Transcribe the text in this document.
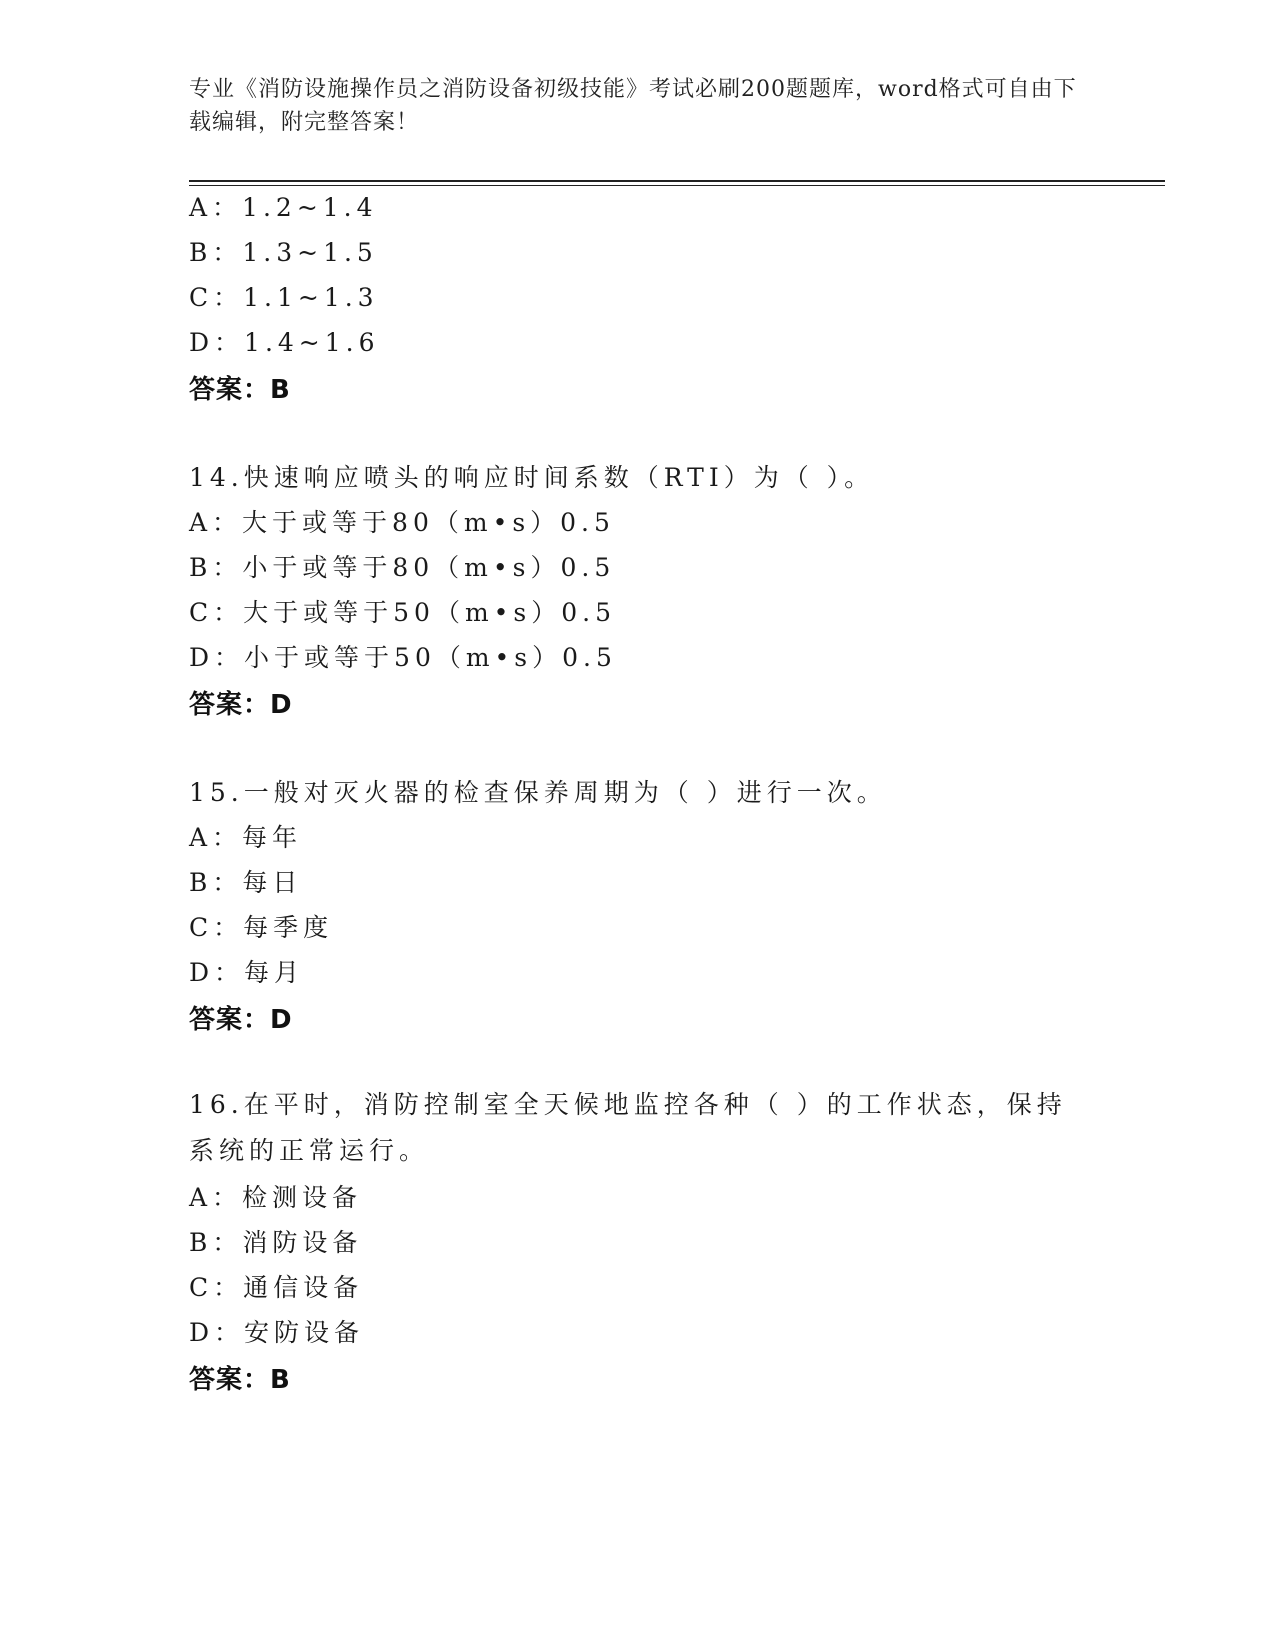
专业《消防设施操作员之消防设备初级技能》考试必刷200题题库，word格式可自由下载编辑，附完整答案！
A：1.2~1.4
B：1.3~1.5
C：1.1~1.3
D：1.4~1.6
答案：B
14.快速响应喷头的响应时间系数（RTI）为（ ）。
A：大于或等于80（m•s）0.5
B：小于或等于80（m•s）0.5
C：大于或等于50（m•s）0.5
D：小于或等于50（m•s）0.5
答案：D
15.一般对灭火器的检查保养周期为（ ）进行一次。
A：每年
B：每日
C：每季度
D：每月
答案：D
16.在平时，消防控制室全天候地监控各种（ ）的工作状态，保持系统的正常运行。
A：检测设备
B：消防设备
C：通信设备
D：安防设备
答案：B
